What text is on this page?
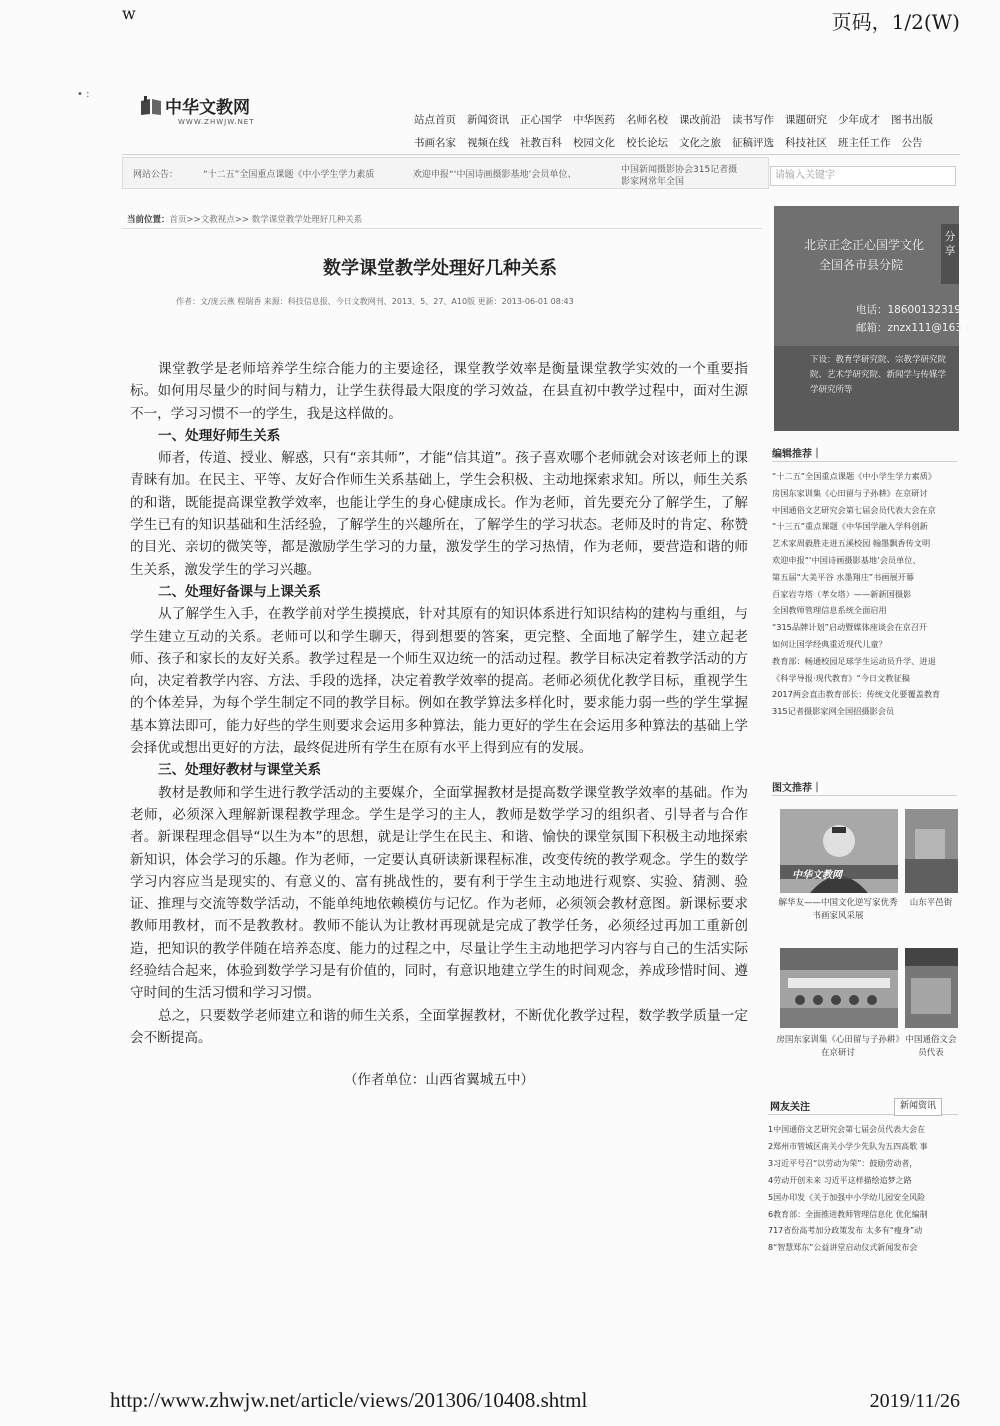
w	页码，1/2(W)
• :
中华文教网
WWW.ZHWJW.NET	站点首页 新闻资讯 正心国学 中华医药 名师名校 课改前沿 读书写作 课题研究 少年成才 图书出版
书画名家 视频在线 社教百科 校园文化 校长论坛 文化之旅 征稿评选 科技社区 班主任工作 公告
网站公告：	“十二五”全国重点课题《中小学生学力素质	欢迎申报“‘中国诗画摄影基地’会员单位、	中国新闻摄影协会315记者摄
影家网常年全国
请输入关键字
当前位置：首页>>文教视点>> 数学课堂教学处理好几种关系
数学课堂教学处理好几种关系
作者：文/庞云燕 程瑞香 来源：科技信息报、今日文教网刊、2013、5、27、A10版 更新：2013-06-01 08:43

课堂教学是老师培养学生综合能力的主要途径，课堂教学效率是衡量课堂教学实效的一个重要指标。如何用尽量少的时间与精力，让学生获得最大限度的学习效益，在县直初中教学过程中，面对生源不一，学习习惯不一的学生，我是这样做的。

一、处理好师生关系

师者，传道、授业、解惑，只有“亲其师”，才能“信其道”。孩子喜欢哪个老师就会对该老师上的课青睐有加。在民主、平等、友好合作师生关系基础上，学生会积极、主动地探索求知。所以，师生关系的和谐，既能提高课堂教学效率，也能让学生的身心健康成长。作为老师，首先要充分了解学生，了解学生已有的知识基础和生活经验，了解学生的兴趣所在，了解学生的学习状态。老师及时的肯定、称赞的目光、亲切的微笑等，都是激励学生学习的力量，激发学生的学习热情，作为老师，要营造和谐的师生关系，激发学生的学习兴趣。

二、处理好备课与上课关系

从了解学生入手，在教学前对学生摸摸底，针对其原有的知识体系进行知识结构的建构与重组，与学生建立互动的关系。老师可以和学生聊天，得到想要的答案，更完整、全面地了解学生，建立起老师、孩子和家长的友好关系。教学过程是一个师生双边统一的活动过程。教学目标决定着教学活动的方向，决定着教学内容、方法、手段的选择，决定着教学效率的提高。老师必须优化教学目标，重视学生的个体差异，为每个学生制定不同的教学目标。例如在教学算法多样化时，要求能力弱一些的学生掌握基本算法即可，能力好些的学生则要求会运用多种算法，能力更好的学生在会运用多种算法的基础上学会择优或想出更好的方法，最终促进所有学生在原有水平上得到应有的发展。

三、处理好教材与课堂关系

教材是教师和学生进行教学活动的主要媒介，全面掌握教材是提高数学课堂教学效率的基础。作为老师，必须深入理解新课程教学理念。学生是学习的主人，教师是数学学习的组织者、引导者与合作者。新课程理念倡导“以生为本”的思想，就是让学生在民主、和谐、愉快的课堂氛围下积极主动地探索新知识，体会学习的乐趣。作为老师，一定要认真研读新课程标准，改变传统的教学观念。学生的数学学习内容应当是现实的、有意义的、富有挑战性的，要有利于学生主动地进行观察、实验、猜测、验证、推理与交流等数学活动，不能单纯地依赖模仿与记忆。作为老师，必须领会教材意图。新课标要求教师用教材，而不是教教材。教师不能认为让教材再现就是完成了教学任务，必须经过再加工重新创造，把知识的教学伴随在培养态度、能力的过程之中，尽量让学生主动地把学习内容与自己的生活实际经验结合起来，体验到数学学习是有价值的，同时，有意识地建立学生的时间观念，养成珍惜时间、遵守时间的生活习惯和学习习惯。

总之，只要数学老师建立和谐的师生关系，全面掌握教材，不断优化教学过程，数学教学质量一定会不断提高。

（作者单位：山西省翼城五中）

北京正念正心国学文化
全国各市县分院
分享
电话：18600132319
邮箱：znzx111@163.c
下设：教育学研究院、宗教学研究院
院、艺术学研究院、新闻学与传媒学
学研究所等
编辑推荐｜
“十二五”全国重点课题《中小学生学力素质》
房国东家训集《心田留与子孙耕》在京研讨
中国通俗文艺研究会第七届会员代表大会在京
“十三五”重点课题《中华国学融入学科创新
艺术家周毅胜走进五溪校园 翰墨飘香传文明
欢迎申报“‘中国诗画摄影基地’会员单位、
第五届“大美平谷 水墨翔庄”书画展开幕
百家岩寺塔（孝女塔）——新新国摄影
全国教师管理信息系统全面启用
“315品牌计划”启动暨媒体座谈会在京召开
如何让国学经典重近现代儿童？
教育部：畅通校园足球学生运动员升学、进退
《科学导报·现代教育》“今日文教征稿
2017两会直击教育部长：传统文化要覆盖教育
315记者摄影家网全国招摄影会员
图文推荐｜
中华文教网
解华友——中国文化逆写家优秀书画家风采展
山东平邑街
房国东家训集《心田留与子孙耕》在京研讨
中国通俗文会员代表
网友关注	新闻资讯
1中国通俗文艺研究会第七届会员代表大会在
2郑州市管城区南关小学少先队为五四高歌 事
3习近平号召“以劳动为荣”：鼓励劳动者，
4劳动开创未来 习近平这样描绘追梦之路
5国办印发《关于加强中小学幼儿园安全风险
6教育部：全面推进教师管理信息化 优化编制
717省份高考加分政策发布 太多有“瘦身”动
8“智慧郑东”公益讲堂启动仪式新闻发布会
http://www.zhwjw.net/article/views/201306/10408.shtml	2019/11/26
